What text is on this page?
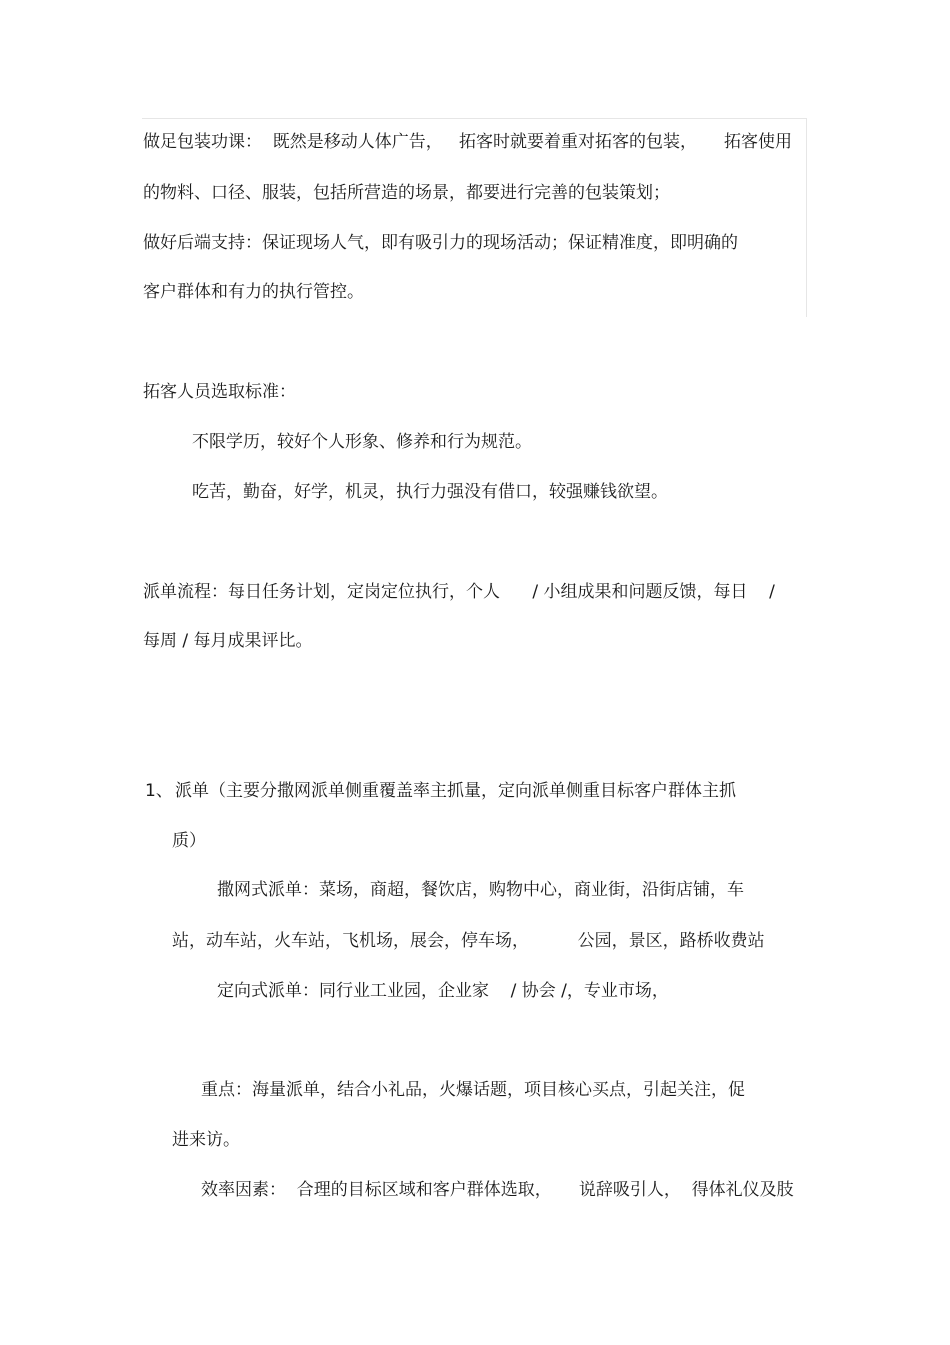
做足包装功课：  既然是移动人体广告，   拓客时就要着重对拓客的包装，     拓客使用
的物料、口径、服装，包括所营造的场景，都要进行完善的包装策划；
做好后端支持：保证现场人气，即有吸引力的现场活动；保证精准度，即明确的
客户群体和有力的执行管控。
拓客人员选取标准：
不限学历，较好个人形象、修养和行为规范。
吃苦，勤奋，好学，机灵，执行力强没有借口，较强赚钱欲望。
派单流程：每日任务计划，定岗定位执行，个人      / 小组成果和问题反馈，每日    /
每周 / 每月成果评比。
1、 派单（主要分撒网派单侧重覆盖率主抓量，定向派单侧重目标客户群体主抓
质）
撒网式派单：菜场，商超，餐饮店，购物中心，商业街，沿街店铺，车
站，动车站，火车站，飞机场，展会，停车场，         公园，景区，路桥收费站
定向式派单：同行业工业园，企业家    / 协会 /，专业市场，
重点：海量派单，结合小礼品，火爆话题，项目核心买点，引起关注，促
进来访。
效率因素：  合理的目标区域和客户群体选取，     说辞吸引人，  得体礼仪及肢
